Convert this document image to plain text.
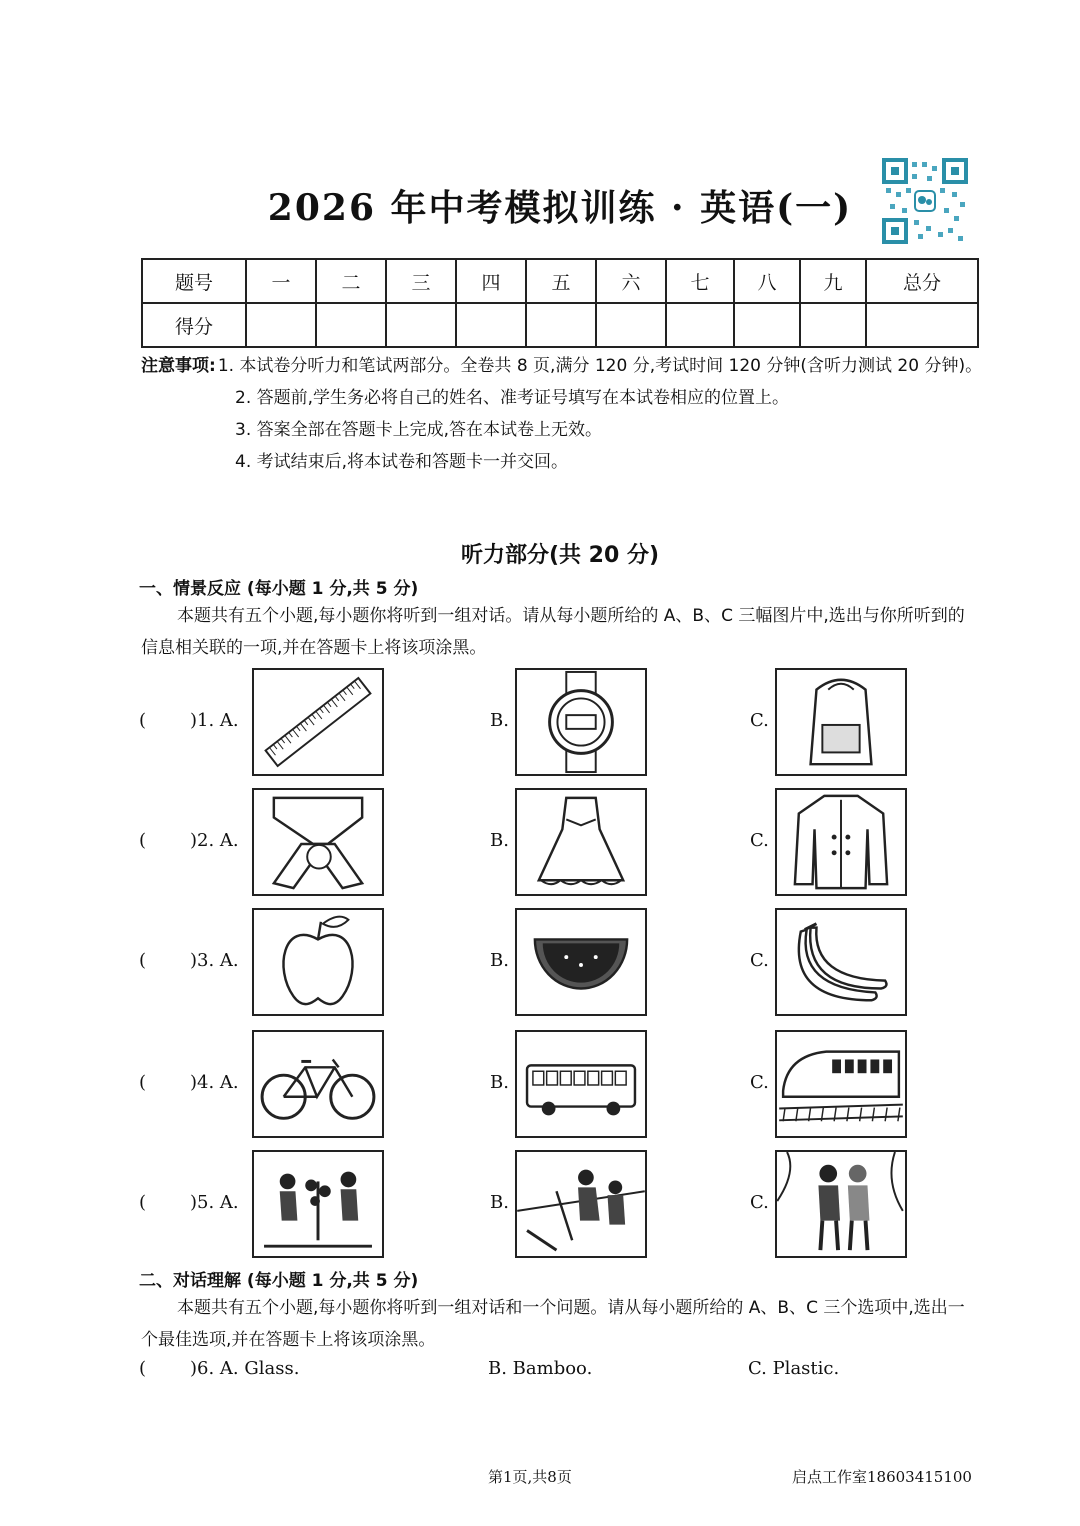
2026 年中考模拟训练 · 英语(一)
题号	一	二	三	四	五	六	七	八	九	总分
得分										
注意事项: 1. 本试卷分听力和笔试两部分。全卷共 8 页,满分 120 分,考试时间 120 分钟(含听力测试 20 分钟)。
2. 答题前,学生务必将自己的姓名、准考证号填写在本试卷相应的位置上。
3. 答案全部在答题卡上完成,答在本试卷上无效。
4. 考试结束后,将本试卷和答题卡一并交回。
听力部分(共 20 分)
一、情景反应 (每小题 1 分,共 5 分)
本题共有五个小题,每小题你将听到一组对话。请从每小题所给的 A、B、C 三幅图片中,选出与你所听到的信息相关联的一项,并在答题卡上将该项涂黑。
( )1. A.	B.	C.
( )2. A.	B.	C.
( )3. A.	B.	C.
( )4. A.	B.	C.
( )5. A.	B.	C.
二、对话理解 (每小题 1 分,共 5 分)
本题共有五个小题,每小题你将听到一组对话和一个问题。请从每小题所给的 A、B、C 三个选项中,选出一个最佳选项,并在答题卡上将该项涂黑。
( )6. A. Glass.	B. Bamboo.	C. Plastic.
第1页,共8页	启点工作室18603415100
